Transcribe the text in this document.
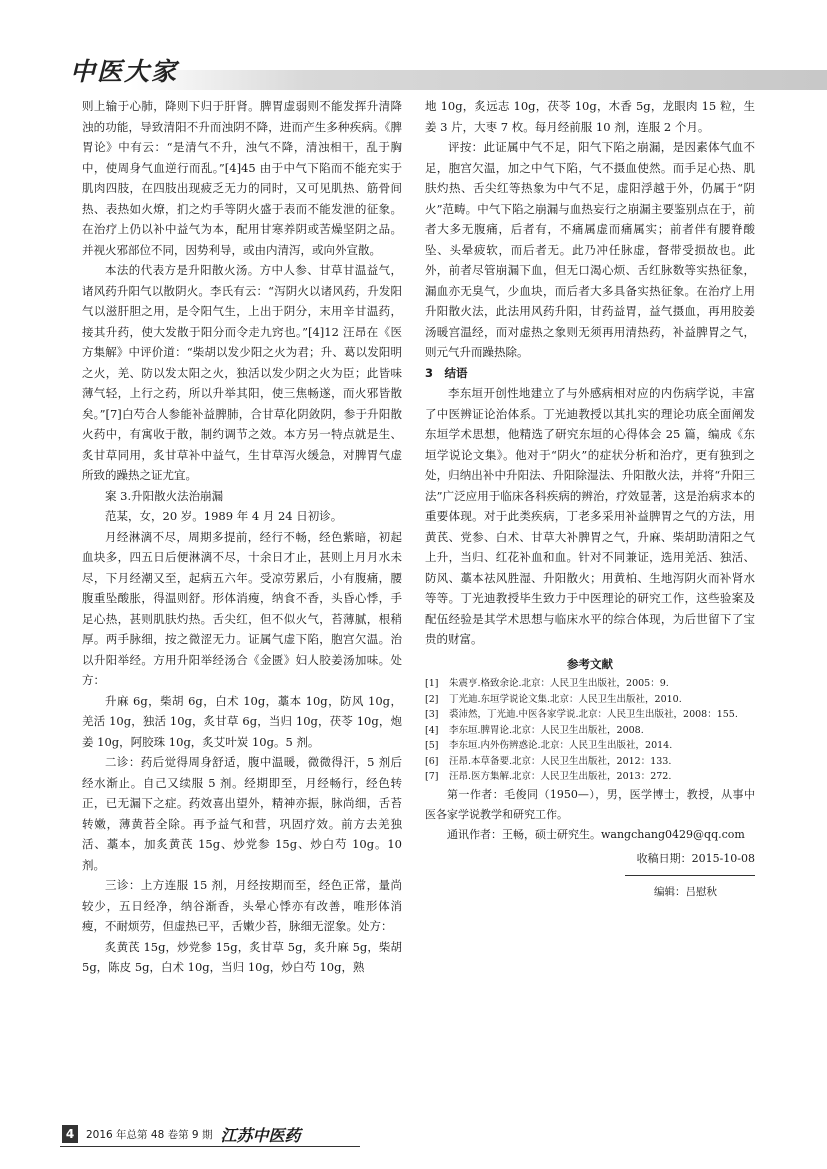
中医大家

则上输于心肺，降则下归于肝肾。脾胃虚弱则不能发挥升清降浊的功能，导致清阳不升而浊阴不降，进而产生多种疾病。《脾胃论》中有云：“是清气不升，浊气不降，清浊相干，乱于胸中，使周身气血逆行而乱。”[4]45 由于中气下陷而不能充实于肌肉四肢，在四肢出现疲乏无力的同时，又可见肌热、筋骨间热、表热如火燎，扪之灼手等阴火盛于表而不能发泄的征象。在治疗上仍以补中益气为本，配用甘寒养阴或苦燥坚阴之品。并视火邪部位不同，因势利导，或由内清泻，或向外宣散。

本法的代表方是升阳散火汤。方中人参、甘草甘温益气，诸风药升阳气以散阴火。李氏有云：“泻阴火以诸风药，升发阳气以滋肝胆之用，是令阳气生，上出于阴分，末用辛甘温药，接其升药，使大发散于阳分而令走九窍也。”[4]12 汪昂在《医方集解》中评价道：“柴胡以发少阳之火为君；升、葛以发阳明之火，羌、防以发太阳之火，独活以发少阴之火为臣；此皆味薄气轻，上行之药，所以升举其阳，使三焦畅遂，而火邪皆散矣。”[7]白芍合人参能补益脾肺，合甘草化阴敛阴，参于升阳散火药中，有寓收于散，制约调节之效。本方另一特点就是生、炙甘草同用，炙甘草补中益气，生甘草泻火缓急，对脾胃气虚所致的躁热之证尤宜。

案 3.升阳散火法治崩漏

范某，女，20 岁。1989 年 4 月 24 日初诊。

月经淋漓不尽，周期多提前，经行不畅，经色紫暗，初起血块多，四五日后便淋漓不尽，十余日才止，甚则上月月水未尽，下月经潮又至，起病五六年。受凉劳累后，小有腹痛，腰腹重坠酸胀，得温则舒。形体消瘦，纳食不香，头昏心悸，手足心热，甚则肌肤灼热。舌尖红，但不似火气，苔薄腻，根稍厚。两手脉细，按之微涩无力。证属气虚下陷，胞宫欠温。治以升阳举经。方用升阳举经汤合《金匮》妇人胶姜汤加味。处方：

升麻 6g，柴胡 6g，白术 10g，藁本 10g，防风 10g，羌活 10g，独活 10g，炙甘草 6g，当归 10g，茯苓 10g，炮姜 10g，阿胶珠 10g，炙艾叶炭 10g。5 剂。

二诊：药后觉得周身舒适，腹中温暖，微微得汗，5 剂后经水渐止。自己又续服 5 剂。经期即至，月经畅行，经色转正，已无漏下之症。药效喜出望外，精神亦振，脉尚细，舌苔转嫩，薄黄苔全除。再予益气和营，巩固疗效。前方去羌独活、藁本，加炙黄芪 15g、炒党参 15g、炒白芍 10g。10 剂。

三诊：上方连服 15 剂，月经按期而至，经色正常，量尚较少，五日经净，纳谷渐香，头晕心悸亦有改善，唯形体消瘦，不耐烦劳，但虚热已平，舌嫩少苔，脉细无涩象。处方：

炙黄芪 15g，炒党参 15g，炙甘草 5g，炙升麻 5g，柴胡 5g，陈皮 5g，白术 10g，当归 10g，炒白芍 10g，熟

地 10g，炙远志 10g，茯苓 10g，木香 5g，龙眼肉 15 粒，生姜 3 片，大枣 7 枚。每月经前服 10 剂，连服 2 个月。

评按：此证属中气不足，阳气下陷之崩漏，是因素体气血不足，胞宫欠温，加之中气下陷，气不摄血使然。而手足心热、肌肤灼热、舌尖红等热象为中气不足，虚阳浮越于外，仍属于“阴火”范畴。中气下陷之崩漏与血热妄行之崩漏主要鉴别点在于，前者大多无腹痛，后者有，不痛属虚而痛属实；前者伴有腰脊酸坠、头晕疲软，而后者无。此乃冲任脉虚，督带受损故也。此外，前者尽管崩漏下血，但无口渴心烦、舌红脉数等实热征象，漏血亦无臭气，少血块，而后者大多具备实热征象。在治疗上用升阳散火法，此法用风药升阳，甘药益胃，益气摄血，再用胶姜汤暖宫温经，而对虚热之象则无须再用清热药，补益脾胃之气，则元气升而躁热除。

3　结语

李东垣开创性地建立了与外感病相对应的内伤病学说，丰富了中医辨证论治体系。丁光迪教授以其扎实的理论功底全面阐发东垣学术思想，他精选了研究东垣的心得体会 25 篇，编成《东垣学说论文集》。他对于“阴火”的症状分析和治疗，更有独到之处，归纳出补中升阳法、升阳除湿法、升阳散火法，并将“升阳三法”广泛应用于临床各科疾病的辨治，疗效显著，这是治病求本的重要体现。对于此类疾病，丁老多采用补益脾胃之气的方法，用黄芪、党参、白术、甘草大补脾胃之气，升麻、柴胡助清阳之气上升，当归、红花补血和血。针对不同兼证，选用羌活、独活、防风、藁本祛风胜湿、升阳散火；用黄柏、生地泻阴火而补肾水等等。丁光迪教授毕生致力于中医理论的研究工作，这些验案及配伍经验是其学术思想与临床水平的综合体现，为后世留下了宝贵的财富。

参考文献
[1]	朱震亨.格致余论.北京：人民卫生出版社，2005：9.
[2]	丁光迪.东垣学说论文集.北京：人民卫生出版社，2010.
[3]	裘沛然，丁光迪.中医各家学说.北京：人民卫生出版社，2008：155.
[4]	李东垣.脾胃论.北京：人民卫生出版社，2008.
[5]	李东垣.内外伤辨惑论.北京：人民卫生出版社，2014.
[6]	汪昂.本草备要.北京：人民卫生出版社，2012：133.
[7]	汪昂.医方集解.北京：人民卫生出版社，2013：272.

第一作者：毛俊同（1950—），男，医学博士，教授，从事中医各家学说教学和研究工作。

通讯作者：王畅，硕士研究生。wangchang0429@qq.com

收稿日期：2015-10-08
编辑：吕慰秋
4	2016 年总第 48 卷第 9 期 江苏中医药
